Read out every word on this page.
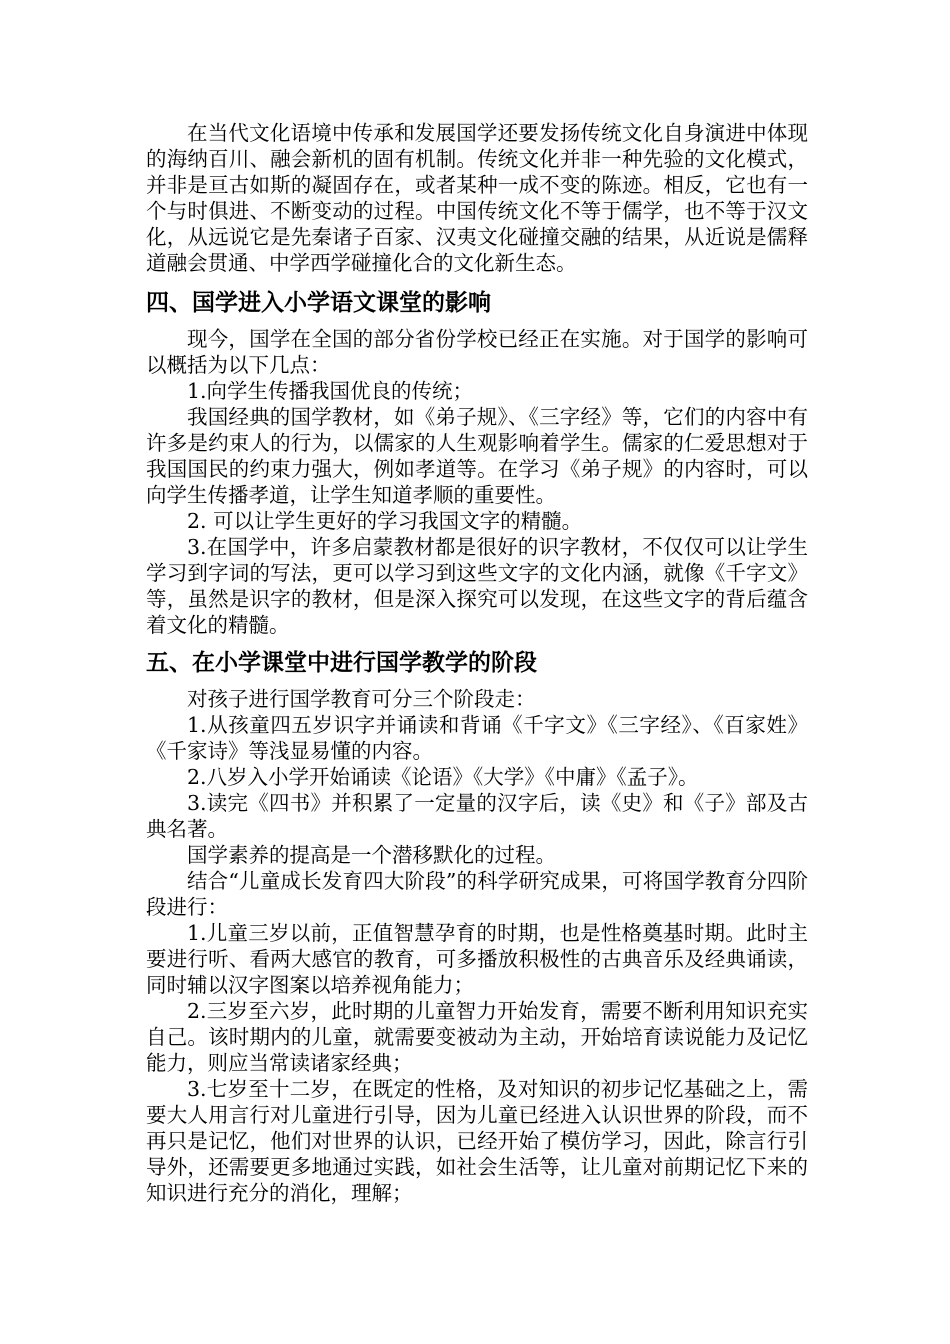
在当代文化语境中传承和发展国学还要发扬传统文化自身演进中体现的海纳百川、融会新机的固有机制。传统文化并非一种先验的文化模式，并非是亘古如斯的凝固存在，或者某种一成不变的陈迹。相反，它也有一个与时俱进、不断变动的过程。中国传统文化不等于儒学，也不等于汉文化，从远说它是先秦诸子百家、汉夷文化碰撞交融的结果，从近说是儒释道融会贯通、中学西学碰撞化合的文化新生态。

四、国学进入小学语文课堂的影响

现今，国学在全国的部分省份学校已经正在实施。对于国学的影响可以概括为以下几点：

1.向学生传播我国优良的传统；

我国经典的国学教材，如《弟子规》、《三字经》等，它们的内容中有许多是约束人的行为，以儒家的人生观影响着学生。儒家的仁爱思想对于我国国民的约束力强大，例如孝道等。在学习《弟子规》的内容时，可以向学生传播孝道，让学生知道孝顺的重要性。

2. 可以让学生更好的学习我国文字的精髓。

3.在国学中，许多启蒙教材都是很好的识字教材，不仅仅可以让学生学习到字词的写法，更可以学习到这些文字的文化内涵，就像《千字文》等，虽然是识字的教材，但是深入探究可以发现，在这些文字的背后蕴含着文化的精髓。

五、在小学课堂中进行国学教学的阶段

对孩子进行国学教育可分三个阶段走：

1.从孩童四五岁识字并诵读和背诵《千字文》《三字经》、《百家姓》《千家诗》等浅显易懂的内容。

2.八岁入小学开始诵读《论语》《大学》《中庸》《孟子》。

3.读完《四书》并积累了一定量的汉字后，读《史》和《子》部及古典名著。

国学素养的提高是一个潜移默化的过程。

结合“儿童成长发育四大阶段”的科学研究成果，可将国学教育分四阶段进行：

1.儿童三岁以前，正值智慧孕育的时期，也是性格奠基时期。此时主要进行听、看两大感官的教育，可多播放积极性的古典音乐及经典诵读，同时辅以汉字图案以培养视角能力；

2.三岁至六岁，此时期的儿童智力开始发育，需要不断利用知识充实自己。该时期内的儿童，就需要变被动为主动，开始培育读说能力及记忆能力，则应当常读诸家经典；

3.七岁至十二岁，在既定的性格，及对知识的初步记忆基础之上，需要大人用言行对儿童进行引导，因为儿童已经进入认识世界的阶段，而不再只是记忆，他们对世界的认识，已经开始了模仿学习，因此，除言行引导外，还需要更多地通过实践，如社会生活等，让儿童对前期记忆下来的知识进行充分的消化，理解；
